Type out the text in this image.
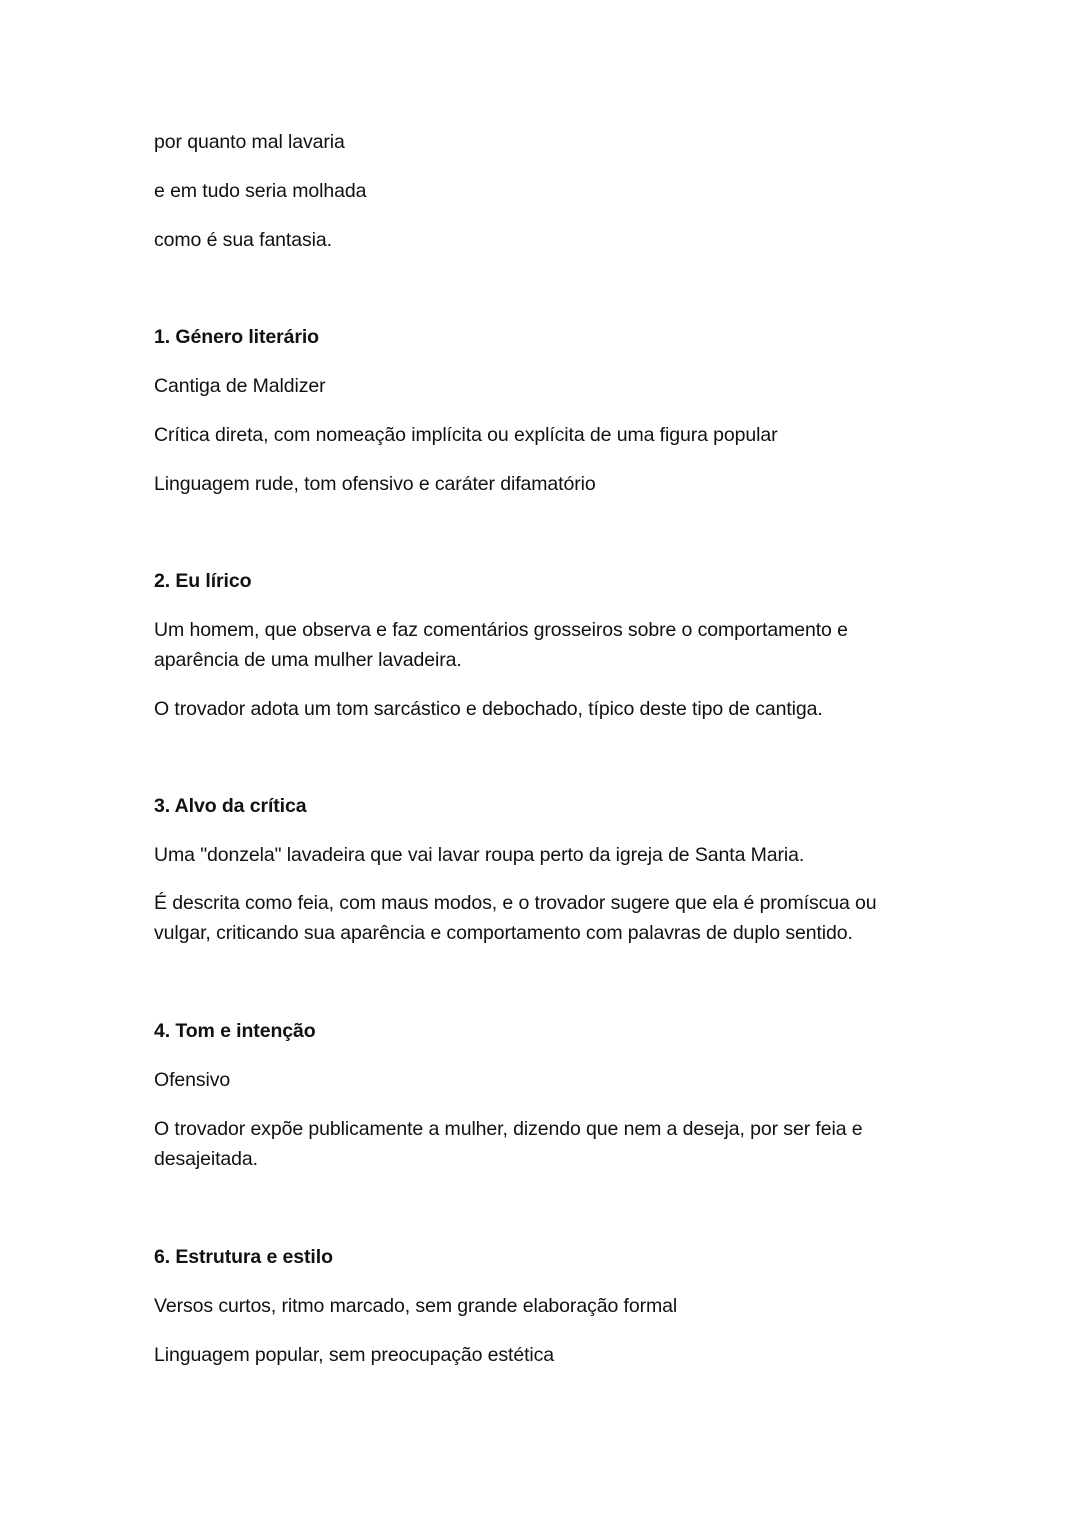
por quanto mal lavaria
e em tudo seria molhada
como é sua fantasia.
1. Género literário
Cantiga de Maldizer
Crítica direta, com nomeação implícita ou explícita de uma figura popular
Linguagem rude, tom ofensivo e caráter difamatório
2. Eu lírico
Um homem, que observa e faz comentários grosseiros sobre o comportamento e aparência de uma mulher lavadeira.
O trovador adota um tom sarcástico e debochado, típico deste tipo de cantiga.
3. Alvo da crítica
Uma "donzela" lavadeira que vai lavar roupa perto da igreja de Santa Maria.
É descrita como feia, com maus modos, e o trovador sugere que ela é promíscua ou vulgar, criticando sua aparência e comportamento com palavras de duplo sentido.
4. Tom e intenção
Ofensivo
O trovador expõe publicamente a mulher, dizendo que nem a deseja, por ser feia e desajeitada.
6. Estrutura e estilo
Versos curtos, ritmo marcado, sem grande elaboração formal
Linguagem popular, sem preocupação estética
